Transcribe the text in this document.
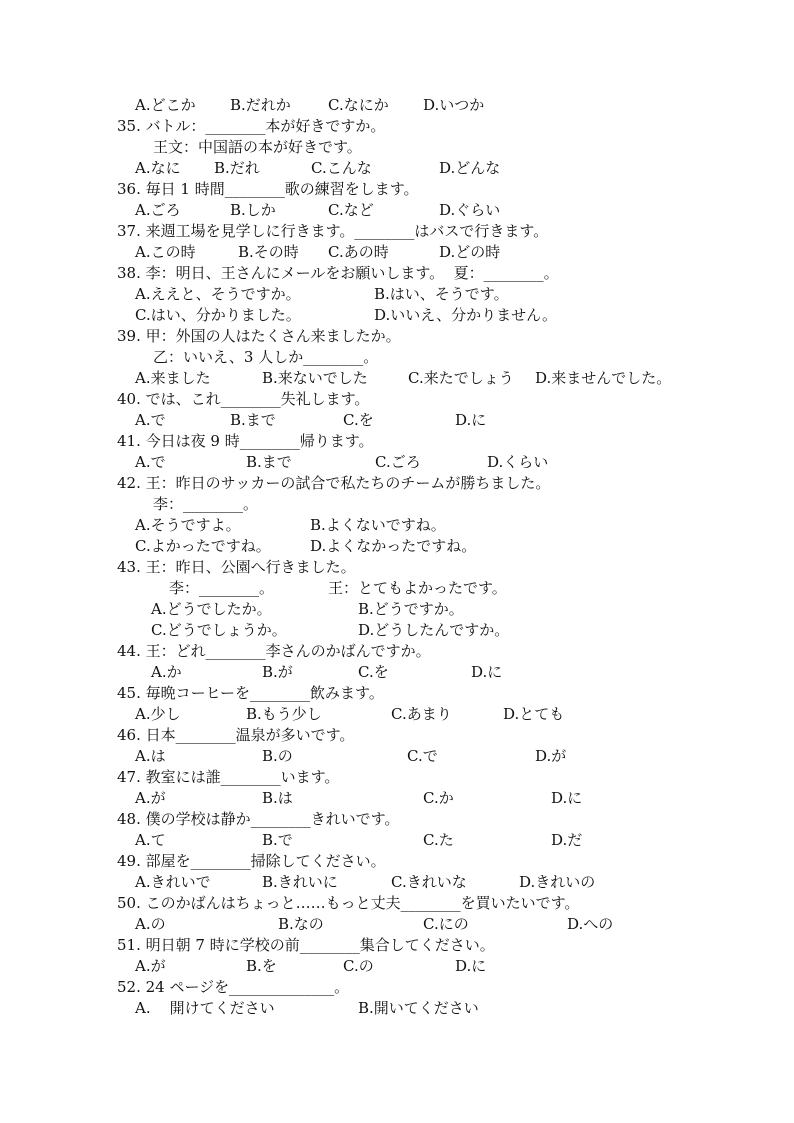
A.どこか B.だれか C.なにか D.いつか
35. バトル：________本が好きですか。
王文：中国語の本が好きです。
A.なに B.だれ	C.こんな	D.どんな
36. 毎日 1 時間________歌の練習をします。
A.ごろ	B.しか	C.など	D.ぐらい
37. 来週工場を見学しに行きます。________はバスで行きます。
A.この時	B.その時 C.あの時	D.どの時
38. 李：明日、王さんにメールをお願いします。  夏：________。
A.ええと、そうですか。	B.はい、そうです。
C.はい、分かりました。	D.いいえ、分かりません。
39. 甲：外国の人はたくさん来ましたか。
乙：いいえ、3 人しか________。
A.来ました	B.来ないでした	C.来たでしょう D.来ませんでした。
40. では、これ________失礼します。
A.で	B.まで	C.を	D.に
41. 今日は夜 9 時________帰ります。
A.で	B.まで	C.ごろ	D.くらい
42. 王：昨日のサッカーの試合で私たちのチームが勝ちました。
李：________。
A.そうですよ。	B.よくないですね。
C.よかったですね。	D.よくなかったですね。
43. 王：昨日、公園へ行きました。
李：________。	王：とてもよかったです。
A.どうでしたか。	B.どうですか。
C.どうでしょうか。	D.どうしたんですか。
44. 王：どれ________李さんのかばんですか。
A.か	B.が	C.を	D.に
45. 毎晩コーヒーを________飲みます。
A.少し	B.もう少し	C.あまり	D.とても
46. 日本________温泉が多いです。
A.は	B.の	C.で	D.が
47. 教室には誰________います。
A.が	B.は	C.か	D.に
48. 僕の学校は静か________きれいです。
A.て	B.で	C.た	D.だ
49. 部屋を________掃除してください。
A.きれいで	B.きれいに	C.きれいな	D.きれいの
50. このかばんはちょっと……もっと丈夫________を買いたいです。
A.の	B.なの	C.にの	D.への
51. 明日朝 7 時に学校の前________集合してください。
A.が	B.を	C.の	D.に
52. 24 ページを______________。
A.    開けてください	B.開いてください
